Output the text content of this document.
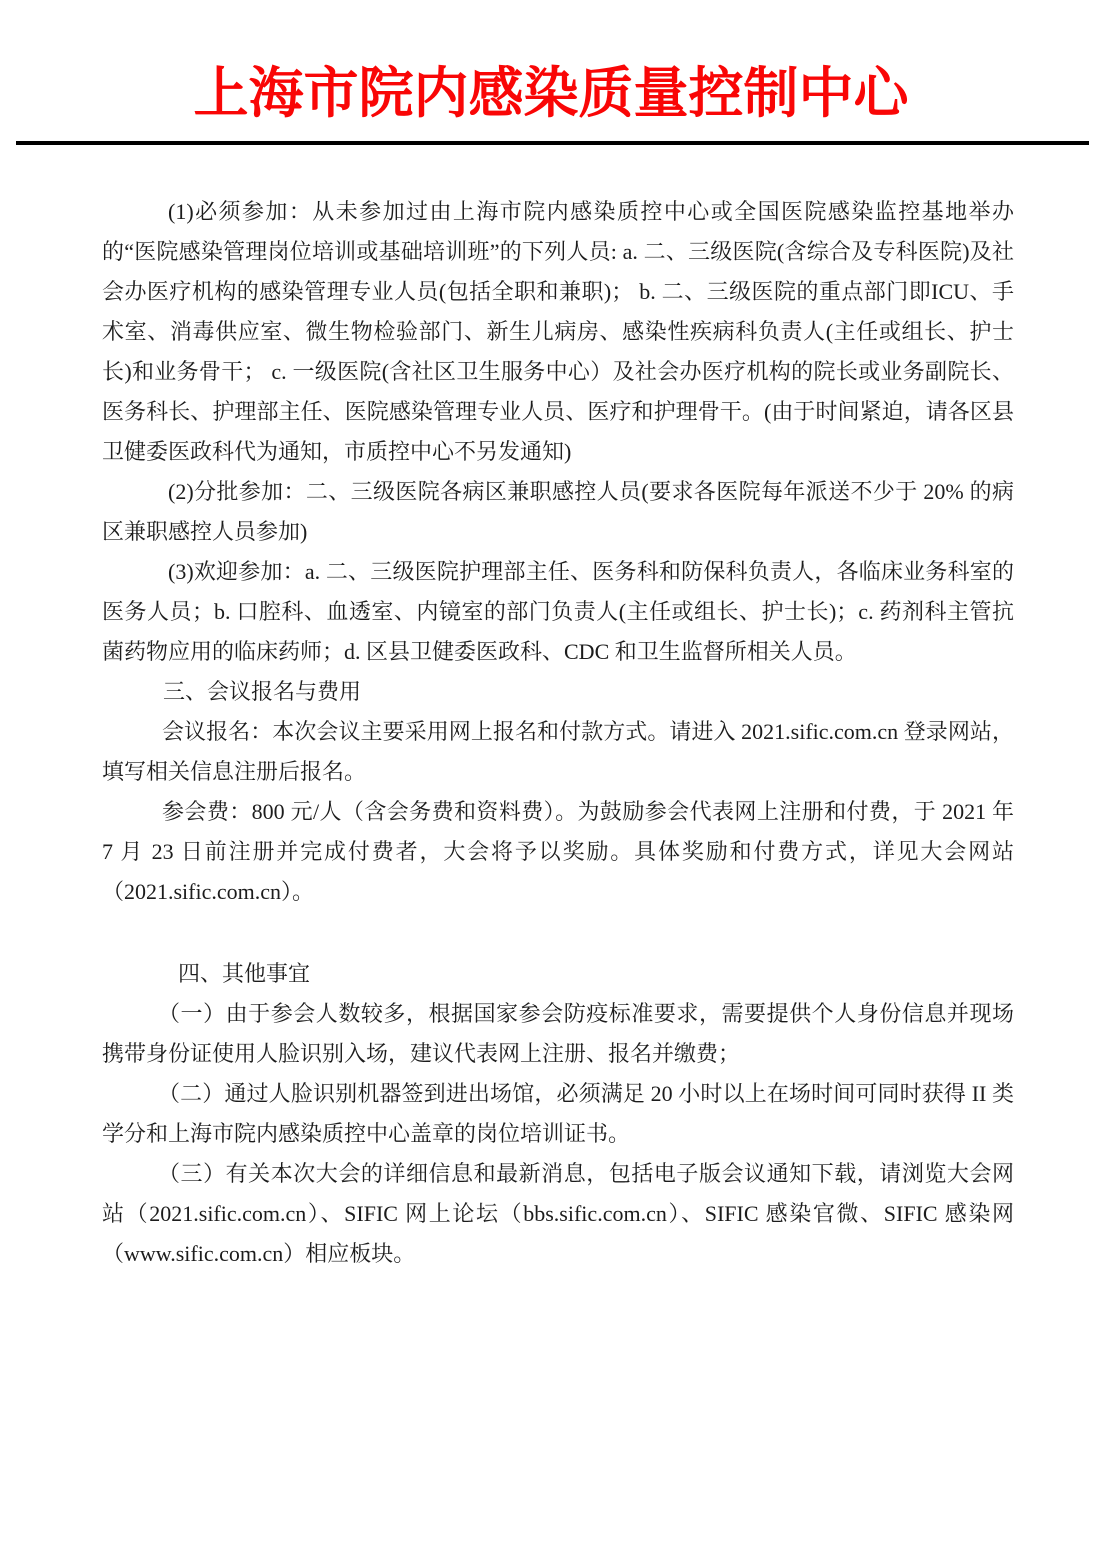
上海市院内感染质量控制中心

(1)必须参加：从未参加过由上海市院内感染质控中心或全国医院感染监控基地举办的“医院感染管理岗位培训或基础培训班”的下列人员: a. 二、三级医院(含综合及专科医院)及社会办医疗机构的感染管理专业人员(包括全职和兼职)； b. 二、三级医院的重点部门即ICU、手术室、消毒供应室、微生物检验部门、新生儿病房、感染性疾病科负责人(主任或组长、护士长)和业务骨干； c. 一级医院(含社区卫生服务中心）及社会办医疗机构的院长或业务副院长、医务科长、护理部主任、医院感染管理专业人员、医疗和护理骨干。(由于时间紧迫，请各区县卫健委医政科代为通知，市质控中心不另发通知)

(2)分批参加：二、三级医院各病区兼职感控人员(要求各医院每年派送不少于 20% 的病区兼职感控人员参加)

(3)欢迎参加：a. 二、三级医院护理部主任、医务科和防保科负责人，各临床业务科室的医务人员；b. 口腔科、血透室、内镜室的部门负责人(主任或组长、护士长)；c. 药剂科主管抗菌药物应用的临床药师；d. 区县卫健委医政科、CDC 和卫生监督所相关人员。

三、会议报名与费用

会议报名：本次会议主要采用网上报名和付款方式。请进入 2021.sific.com.cn 登录网站，填写相关信息注册后报名。

参会费：800 元/人（含会务费和资料费）。为鼓励参会代表网上注册和付费，于 2021 年 7 月 23 日前注册并完成付费者，大会将予以奖励。具体奖励和付费方式，详见大会网站（2021.sific.com.cn）。

四、其他事宜

（一）由于参会人数较多，根据国家参会防疫标准要求，需要提供个人身份信息并现场携带身份证使用人脸识别入场，建议代表网上注册、报名并缴费；

（二）通过人脸识别机器签到进出场馆，必须满足 20 小时以上在场时间可同时获得 II 类学分和上海市院内感染质控中心盖章的岗位培训证书。

（三）有关本次大会的详细信息和最新消息，包括电子版会议通知下载，请浏览大会网站（2021.sific.com.cn）、SIFIC 网上论坛（bbs.sific.com.cn）、SIFIC 感染官微、SIFIC 感染网（www.sific.com.cn）相应板块。
